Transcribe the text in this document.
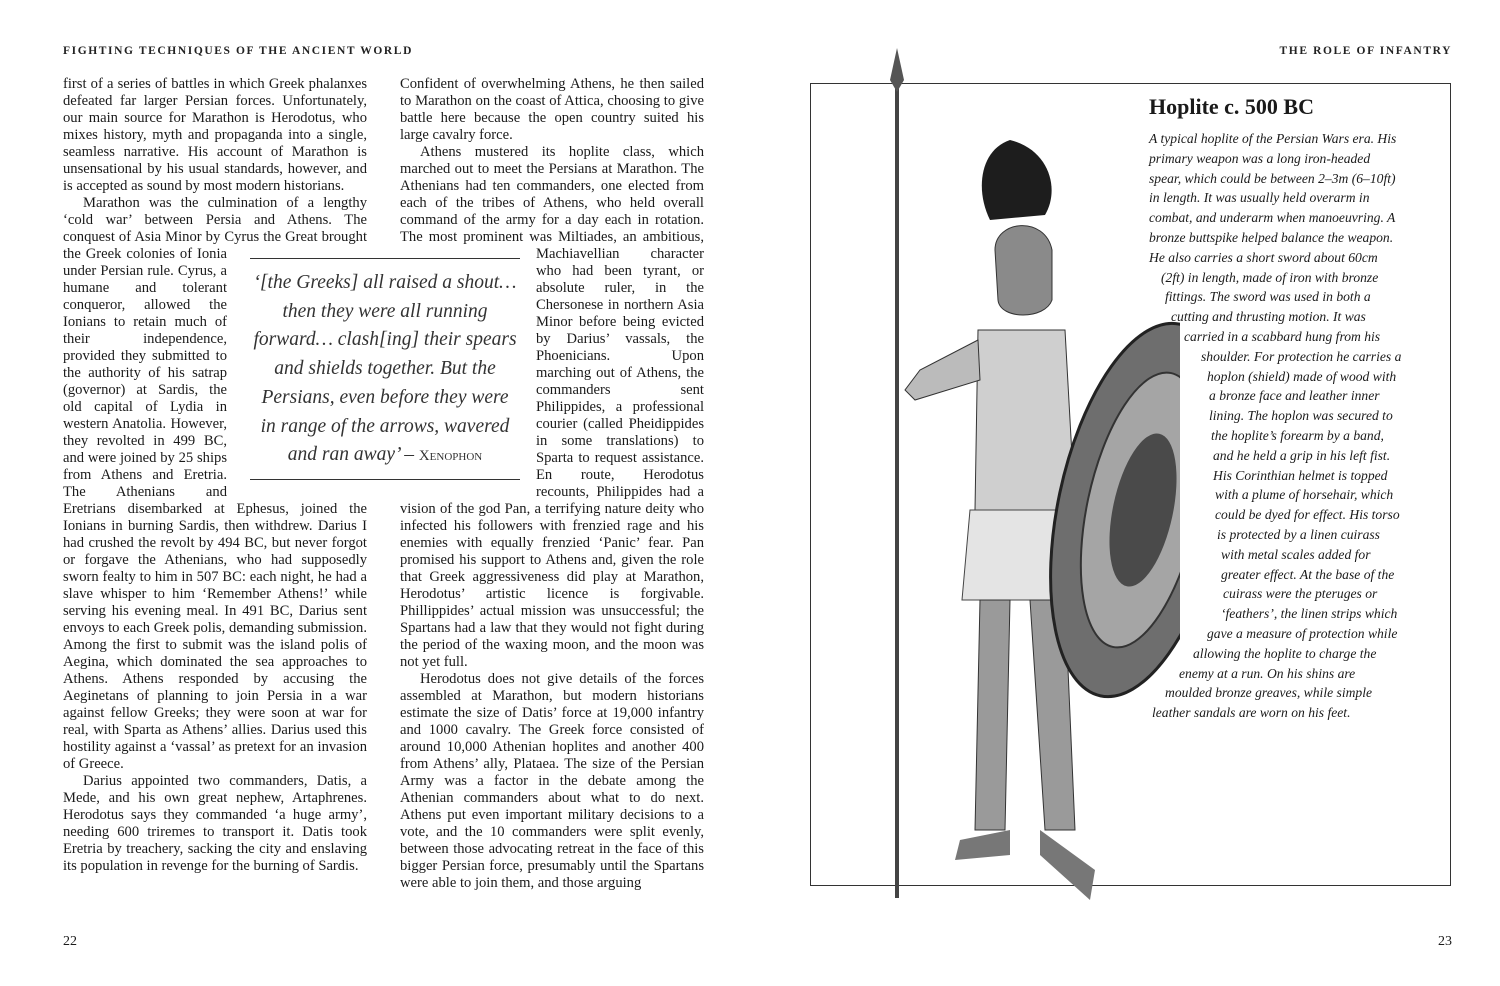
FIGHTING TECHNIQUES OF THE ANCIENT WORLD	THE ROLE OF INFANTRY

first of a series of battles in which Greek phalanxes defeated far larger Persian forces. Unfortunately, our main source for Marathon is Herodotus, who mixes history, myth and propaganda into a single, seamless narrative. His account of Marathon is unsensational by his usual standards, however, and is accepted as sound by most modern historians.

Marathon was the culmination of a lengthy ‘cold war’ between Persia and Athens. The conquest of Asia Minor by Cyrus the Great brought the Greek colonies of Ionia under Persian rule. Cyrus, a humane and tolerant conqueror, allowed the Ionians to retain much of their independence, provided they submitted to the authority of his satrap (governor) at Sardis, the old capital of Lydia in western Anatolia. However, they revolted in 499 BC, and were joined by 25 ships from Athens and Eretria. The Athenians and Eretrians disembarked at Ephesus, joined the Ionians in burning Sardis, then withdrew. Darius I had crushed the revolt by 494 BC, but never forgot or forgave the Athenians, who had supposedly sworn fealty to him in 507 BC: each night, he had a slave whisper to him ‘Remember Athens!’ while serving his evening meal. In 491 BC, Darius sent envoys to each Greek polis, demanding submission. Among the first to submit was the island polis of Aegina, which dominated the sea approaches to Athens. Athens responded by accusing the Aeginetans of planning to join Persia in a war against fellow Greeks; they were soon at war for real, with Sparta as Athens’ allies. Darius used this hostility against a ‘vassal’ as pretext for an invasion of Greece.

Darius appointed two commanders, Datis, a Mede, and his own great nephew, Artaphrenes. Herodotus says they commanded ‘a huge army’, needing 600 triremes to transport it. Datis took Eretria by treachery, sacking the city and enslaving its population in revenge for the burning of Sardis.

Confident of overwhelming Athens, he then sailed to Marathon on the coast of Attica, choosing to give battle here because the open country suited his large cavalry force.

Athens mustered its hoplite class, which marched out to meet the Persians at Marathon. The Athenians had ten commanders, one elected from each of the tribes of Athens, who held overall command of the army for a day each in rotation. The most prominent was Miltiades, an ambitious, Machiavellian character who had been tyrant, or absolute ruler, in the Chersonese in northern Asia Minor before being evicted by Darius’ vassals, the Phoenicians. Upon marching out of Athens, the commanders sent Philippides, a professional courier (called Pheidippides in some translations) to Sparta to request assistance. En route, Herodotus recounts, Philippides had a vision of the god Pan, a terrifying nature deity who infected his followers with frenzied rage and his enemies with equally frenzied ‘Panic’ fear. Pan promised his support to Athens and, given the role that Greek aggressiveness did play at Marathon, Herodotus’ artistic licence is forgivable. Phillippides’ actual mission was unsuccessful; the Spartans had a law that they would not fight during the period of the waxing moon, and the moon was not yet full.

Herodotus does not give details of the forces assembled at Marathon, but modern historians estimate the size of Datis’ force at 19,000 infantry and 1000 cavalry. The Greek force consisted of around 10,000 Athenian hoplites and another 400 from Athens’ ally, Plataea. The size of the Persian Army was a factor in the debate among the Athenian commanders about what to do next. Athens put even important military decisions to a vote, and the 10 commanders were split evenly, between those advocating retreat in the face of this bigger Persian force, presumably until the Spartans were able to join them, and those arguing

‘[the Greeks] all raised a shout…
then they were all running
forward… clash[ing] their spears
and shields together. But the
Persians, even before they were
in range of the arrows, wavered
and ran away’ – Xenophon
22	23
Hoplite c. 500 BC
A typical hoplite of the Persian Wars era. His
primary weapon was a long iron-headed
spear, which could be between 2–3m (6–10ft)
in length. It was usually held overarm in
combat, and underarm when manoeuvring. A
bronze buttspike helped balance the weapon.
He also carries a short sword about 60cm
(2ft) in length, made of iron with bronze
fittings. The sword was used in both a
cutting and thrusting motion. It was
carried in a scabbard hung from his
shoulder. For protection he carries a
hoplon (shield) made of wood with
a bronze face and leather inner
lining. The hoplon was secured to
the hoplite’s forearm by a band,
and he held a grip in his left fist.
His Corinthian helmet is topped
with a plume of horsehair, which
could be dyed for effect. His torso
is protected by a linen cuirass
with metal scales added for
greater effect. At the base of the
cuirass were the pteruges or
‘feathers’, the linen strips which
gave a measure of protection while
allowing the hoplite to charge the
enemy at a run. On his shins are
moulded bronze greaves, while simple
leather sandals are worn on his feet.
